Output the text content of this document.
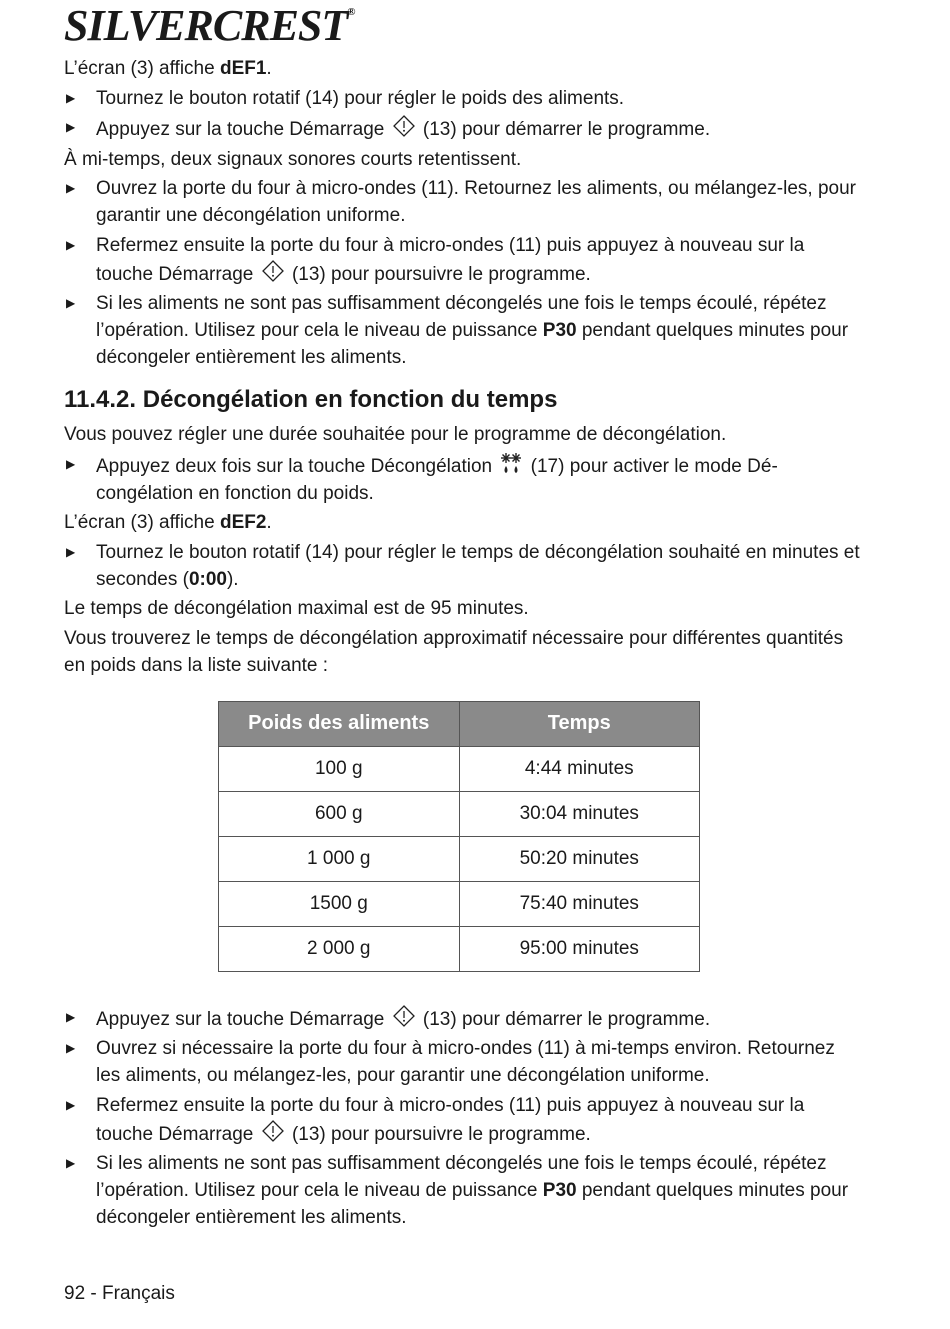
SILVERCREST®

L’écran (3) affiche dEF1.

▶ Tournez le bouton rotatif (14) pour régler le poids des aliments.
▶ Appuyez sur la touche Démarrage (13) pour démarrer le programme.

À mi-temps, deux signaux sonores courts retentissent.

▶ Ouvrez la porte du four à micro-ondes (11). Retournez les aliments, ou mélangez-les, pour garantir une décongélation uniforme.
▶ Refermez ensuite la porte du four à micro-ondes (11) puis appuyez à nouveau sur la touche Démarrage (13) pour poursuivre le programme.
▶ Si les aliments ne sont pas suffisamment décongelés une fois le temps écoulé, répétez l’opération. Utilisez pour cela le niveau de puissance P30 pendant quelques minutes pour décongeler entièrement les aliments.
11.4.2. Décongélation en fonction du temps

Vous pouvez régler une durée souhaitée pour le programme de décongélation.

▶ Appuyez deux fois sur la touche Décongélation (17) pour activer le mode Décongélation en fonction du poids.

L’écran (3) affiche dEF2.

▶ Tournez le bouton rotatif (14) pour régler le temps de décongélation souhaité en minutes et secondes (0:00).

Le temps de décongélation maximal est de 95 minutes.

Vous trouverez le temps de décongélation approximatif nécessaire pour différentes quantités en poids dans la liste suivante :

Poids des aliments	Temps
100 g	4:44 minutes
600 g	30:04 minutes
1 000 g	50:20 minutes
1500 g	75:40 minutes
2 000 g	95:00 minutes
▶ Appuyez sur la touche Démarrage (13) pour démarrer le programme.
▶ Ouvrez si nécessaire la porte du four à micro-ondes (11) à mi-temps environ. Retournez les aliments, ou mélangez-les, pour garantir une décongélation uniforme.
▶ Refermez ensuite la porte du four à micro-ondes (11) puis appuyez à nouveau sur la touche Démarrage (13) pour poursuivre le programme.
▶ Si les aliments ne sont pas suffisamment décongelés une fois le temps écoulé, répétez l’opération. Utilisez pour cela le niveau de puissance P30 pendant quelques minutes pour décongeler entièrement les aliments.
92 - Français
